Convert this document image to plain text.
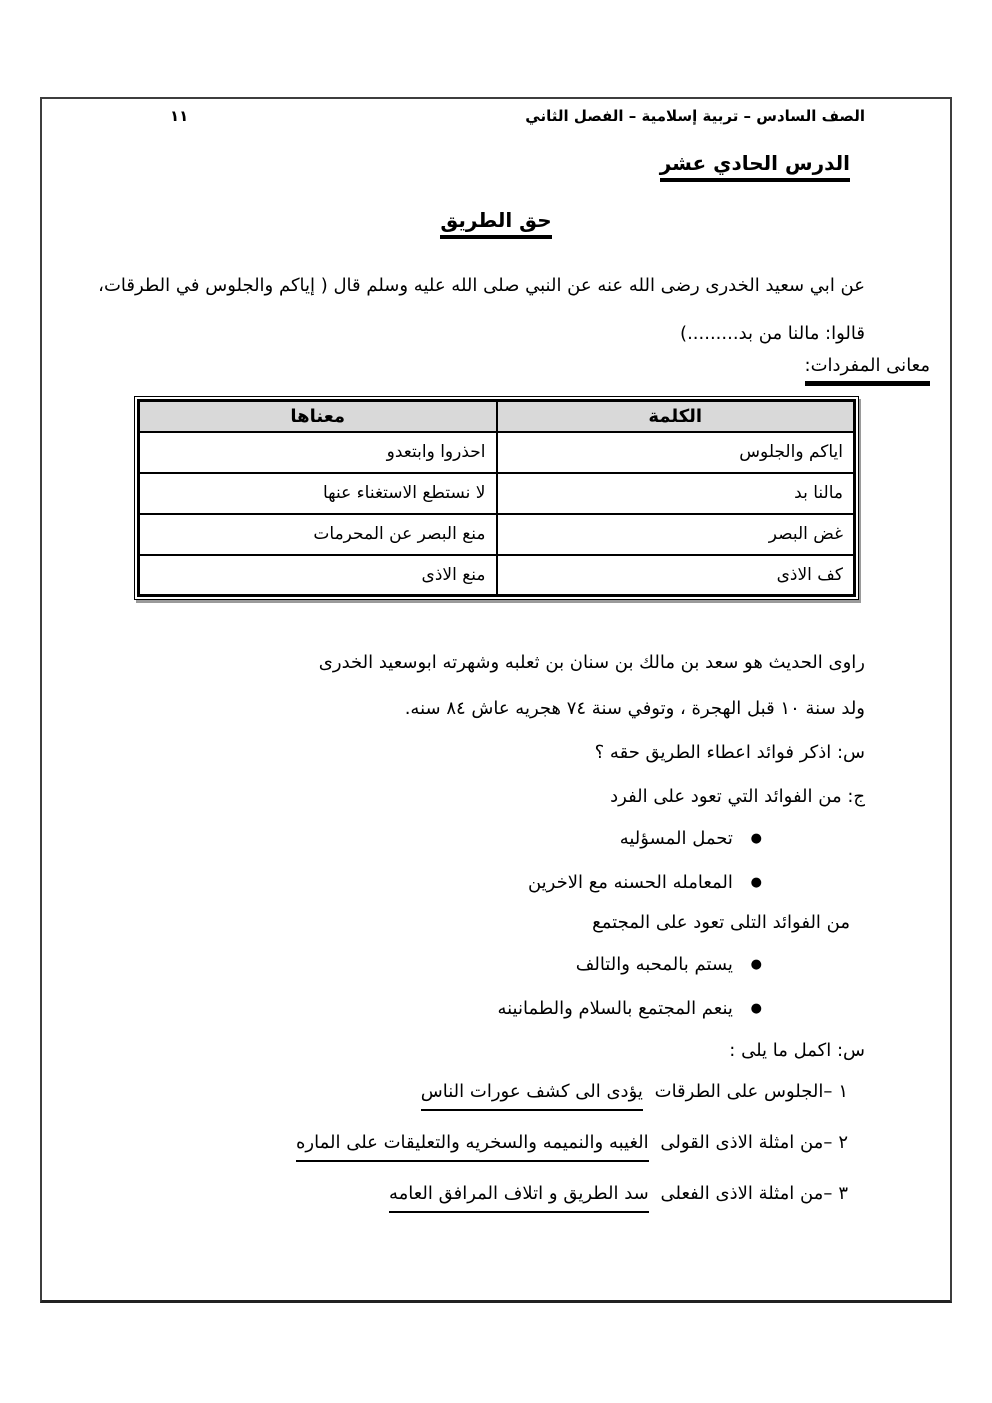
الصف السادس – تربية إسلامية – الفصل الثاني
١١
الدرس الحادي عشر
حق الطريق

عن ابي سعيد الخدرى رضى الله عنه عن النبي صلى الله عليه وسلم قال ( إياكم والجلوس في الطرقات،

قالوا: مالنا من بد.........)

معانى المفردات:
الكلمة	معناها
اياكم والجلوس	احذروا وابتعدو
مالنا بد	لا نستطع الاستغناء عنها
غض البصر	منع البصر عن المحرمات
كف الاذى	منع الاذى

راوى الحديث هو سعد بن مالك بن سنان بن ثعلبه وشهرته ابوسعيد الخدرى

ولد سنة ١٠ قبل الهجرة ، وتوفي سنة ٧٤ هجريه عاش ٨٤ سنه.

س: اذكر فوائد اعطاء الطريق حقه ؟

ج: من الفوائد التي تعود على الفرد

● تحمل المسؤليه
● المعامله الحسنه مع الاخرين

من الفوائد التلى تعود على المجتمع

● يستم بالمحبه والتالف
● ينعم المجتمع بالسلام والطمانينه

س: اكمل ما يلى :

١–الجلوس على الطرقات يؤدى الى كشف عورات الناس

٢–من امثلة الاذى القولى الغيبه والنميمه والسخريه والتعليقات على الماره

٣–من امثلة الاذى الفعلى سد الطريق و اتلاف المرافق العامه
